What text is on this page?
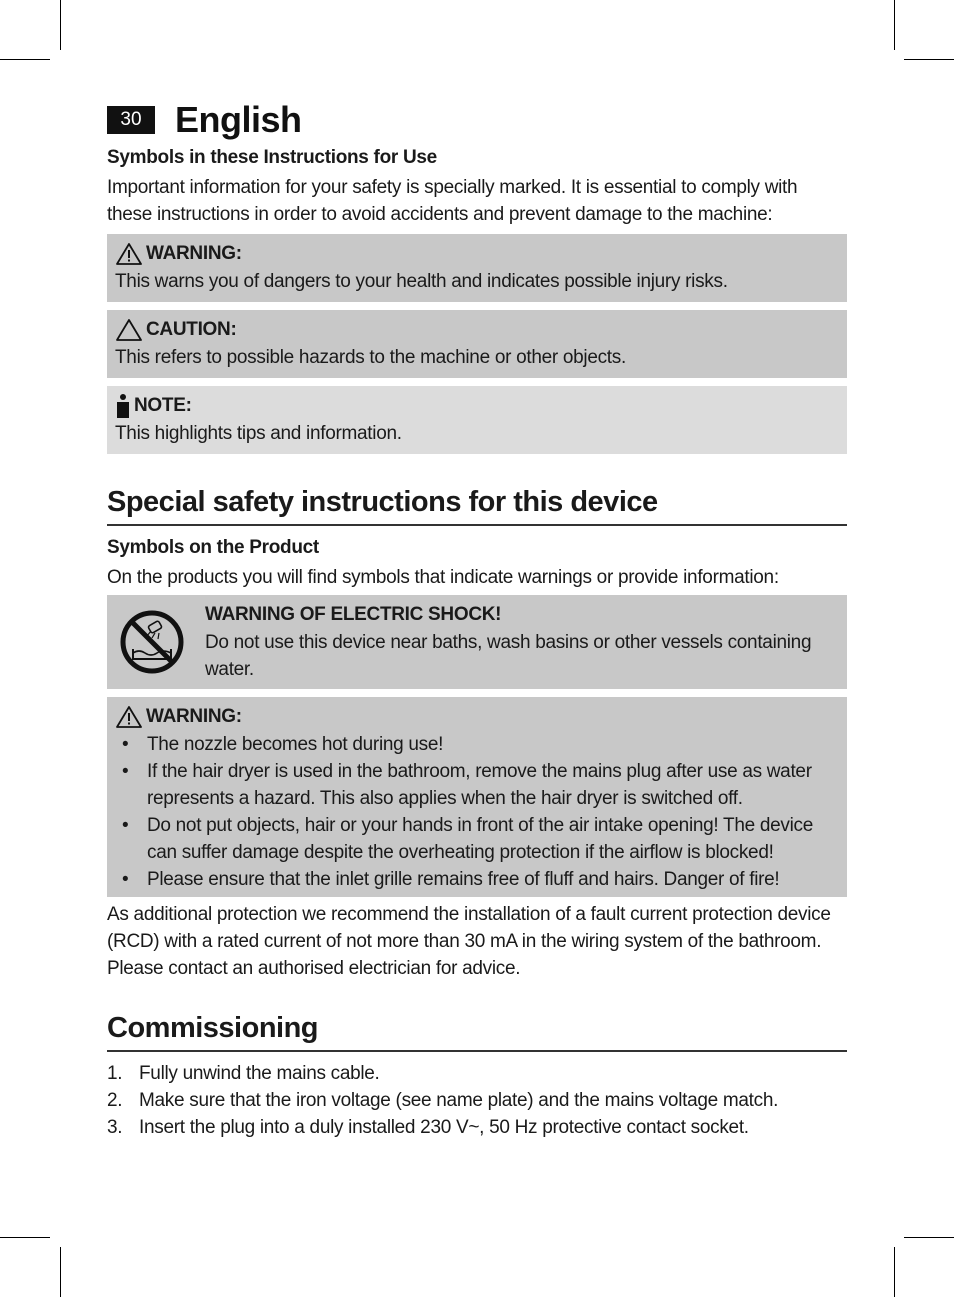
30 English
Symbols in these Instructions for Use
Important information for your safety is specially marked. It is essential to comply with these instructions in order to avoid accidents and prevent damage to the machine:
WARNING:
This warns you of dangers to your health and indicates possible injury risks.
CAUTION:
This refers to possible hazards to the machine or other objects.
NOTE:
This highlights tips and information.
Special safety instructions for this device
Symbols on the Product
On the products you will find symbols that indicate warnings or provide information:
WARNING OF ELECTRIC SHOCK!
Do not use this device near baths, wash basins or other vessels containing water.
WARNING:
• The nozzle becomes hot during use!
• If the hair dryer is used in the bathroom, remove the mains plug after use as water represents a hazard. This also applies when the hair dryer is switched off.
• Do not put objects, hair or your hands in front of the air intake opening! The device can suffer damage despite the overheating protection if the airflow is blocked!
• Please ensure that the inlet grille remains free of fluff and hairs. Danger of fire!
As additional protection we recommend the installation of a fault current protection device (RCD) with a rated current of not more than 30 mA in the wiring system of the bathroom. Please contact an authorised electrician for advice.
Commissioning
1. Fully unwind the mains cable.
2. Make sure that the iron voltage (see name plate) and the mains voltage match.
3. Insert the plug into a duly installed 230 V~, 50 Hz protective contact socket.
